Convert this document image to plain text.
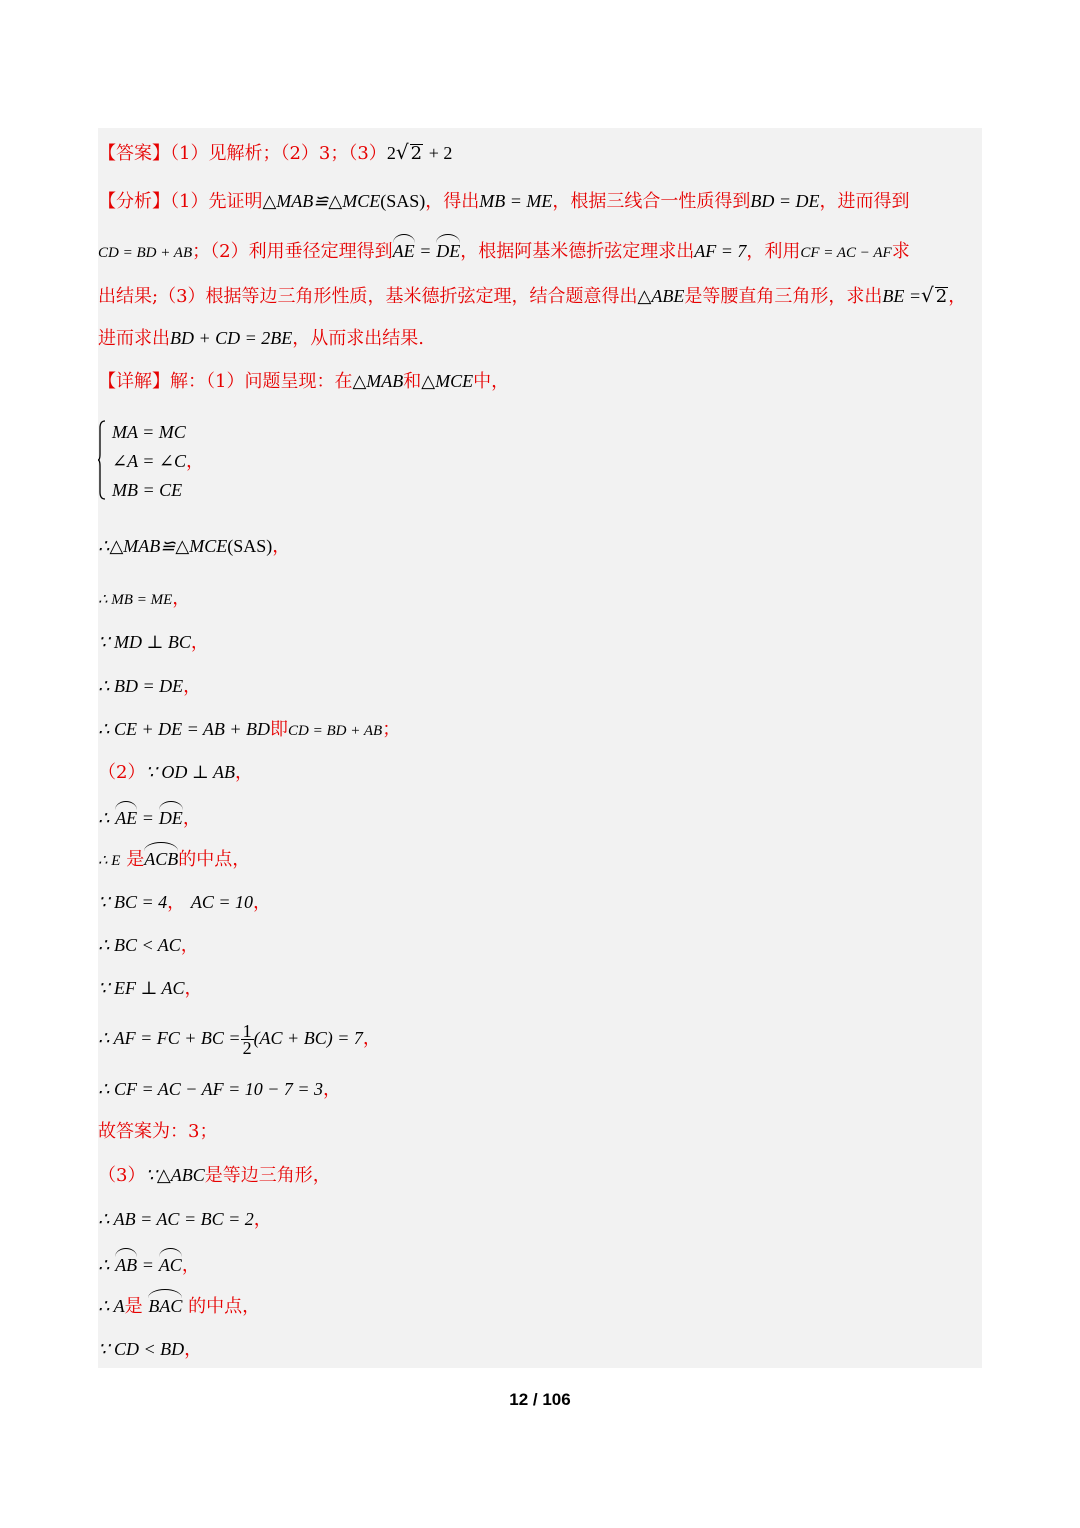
【答案】（1）见解析；（2）3；（3）2√ 2 + 2
【分析】（1）先证明△MAB≌△MCE(SAS)，得出MB = ME，根据三线合一性质得到BD = DE，进而得到
CD = BD + AB；（2）利用垂径定理得到AE = DE，根据阿基米德折弦定理求出AF = 7，利用CF = AC − AF求
出结果;（3）根据等边三角形性质，基米德折弦定理，结合题意得出△ABE是等腰直角三角形，求出BE =√ 2，
进而求出BD + CD = 2BE，从而求出结果.
【详解】解：（1）问题呈现：在△MAB和△MCE中，
MA = MC
∠A = ∠C，
MB = CE
∴△MAB≌△MCE(SAS)，
∴ MB = ME，
∵ MD ⊥ BC，
∴ BD = DE，
∴ CE + DE = AB + BD即CD = BD + AB；
（2）∵ OD ⊥ AB，
∴ AE = DE，
∴ E 是ACB的中点，
∵ BC = 4， AC = 10，
∴ BC < AC，
∵ EF ⊥ AC，
∴ AF = FC + BC = $\frac{1}{2} (AC + BC) = 7$，
∴ CF = AC − AF = 10 − 7 = 3，
故答案为：3；
（3）∵△ABC是等边三角形，
∴ AB = AC = BC = 2，
∴ AB = AC，
∴ A是 BAC 的中点，
∵ CD < BD，
12 / 106
